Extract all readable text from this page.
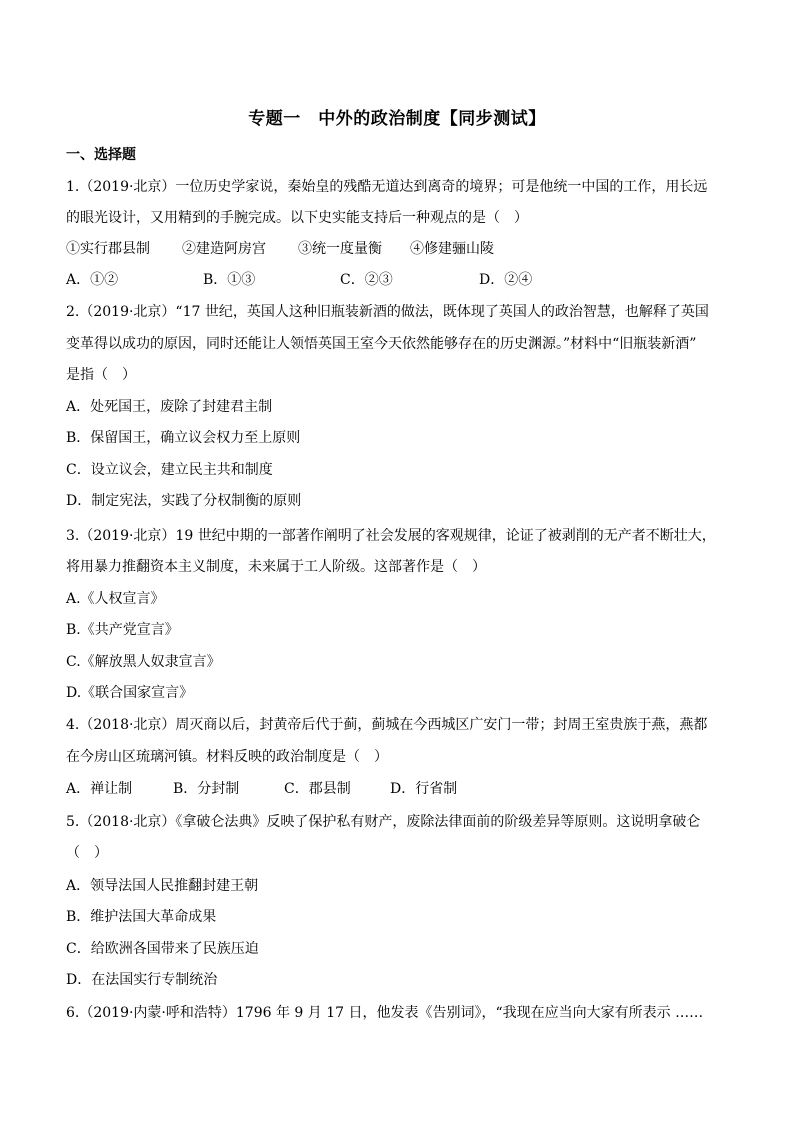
专题一　中外的政治制度【同步测试】
一、选择题
1.（2019·北京）一位历史学家说，秦始皇的残酷无道达到离奇的境界；可是他统一中国的工作，用长远
的眼光设计，又用精到的手腕完成。以下史实能支持后一种观点的是（　）
①实行郡县制 ②建造阿房宫 ③统一度量衡 ④修建骊山陵
A．①②	B．①③	C．②③	D．②④
2.（2019·北京）“17 世纪，英国人这种旧瓶装新酒的做法，既体现了英国人的政治智慧，也解释了英国
变革得以成功的原因，同时还能让人领悟英国王室今天依然能够存在的历史渊源。”材料中“旧瓶装新酒”
是指（　）
A．处死国王，废除了封建君主制
B．保留国王，确立议会权力至上原则
C．设立议会，建立民主共和制度
D．制定宪法，实践了分权制衡的原则
3.（2019·北京）19 世纪中期的一部著作阐明了社会发展的客观规律，论证了被剥削的无产者不断壮大，
将用暴力推翻资本主义制度，未来属于工人阶级。这部著作是（　）
A.《人权宣言》
B.《共产党宣言》
C.《解放黑人奴隶宣言》
D.《联合国家宣言》
4.（2018·北京）周灭商以后，封黄帝后代于蓟，蓟城在今西城区广安门一带；封周王室贵族于燕，燕都
在今房山区琉璃河镇。材料反映的政治制度是（　）
A．禅让制	B．分封制	C．郡县制	D．行省制
5.（2018·北京）《拿破仑法典》反映了保护私有财产，废除法律面前的阶级差异等原则。这说明拿破仑
（　）
A．领导法国人民推翻封建王朝
B．维护法国大革命成果
C．给欧洲各国带来了民族压迫
D．在法国实行专制统治
6.（2019·内蒙·呼和浩特）1796 年 9 月 17 日，他发表《告别词》，“我现在应当向大家有所表示 ……
